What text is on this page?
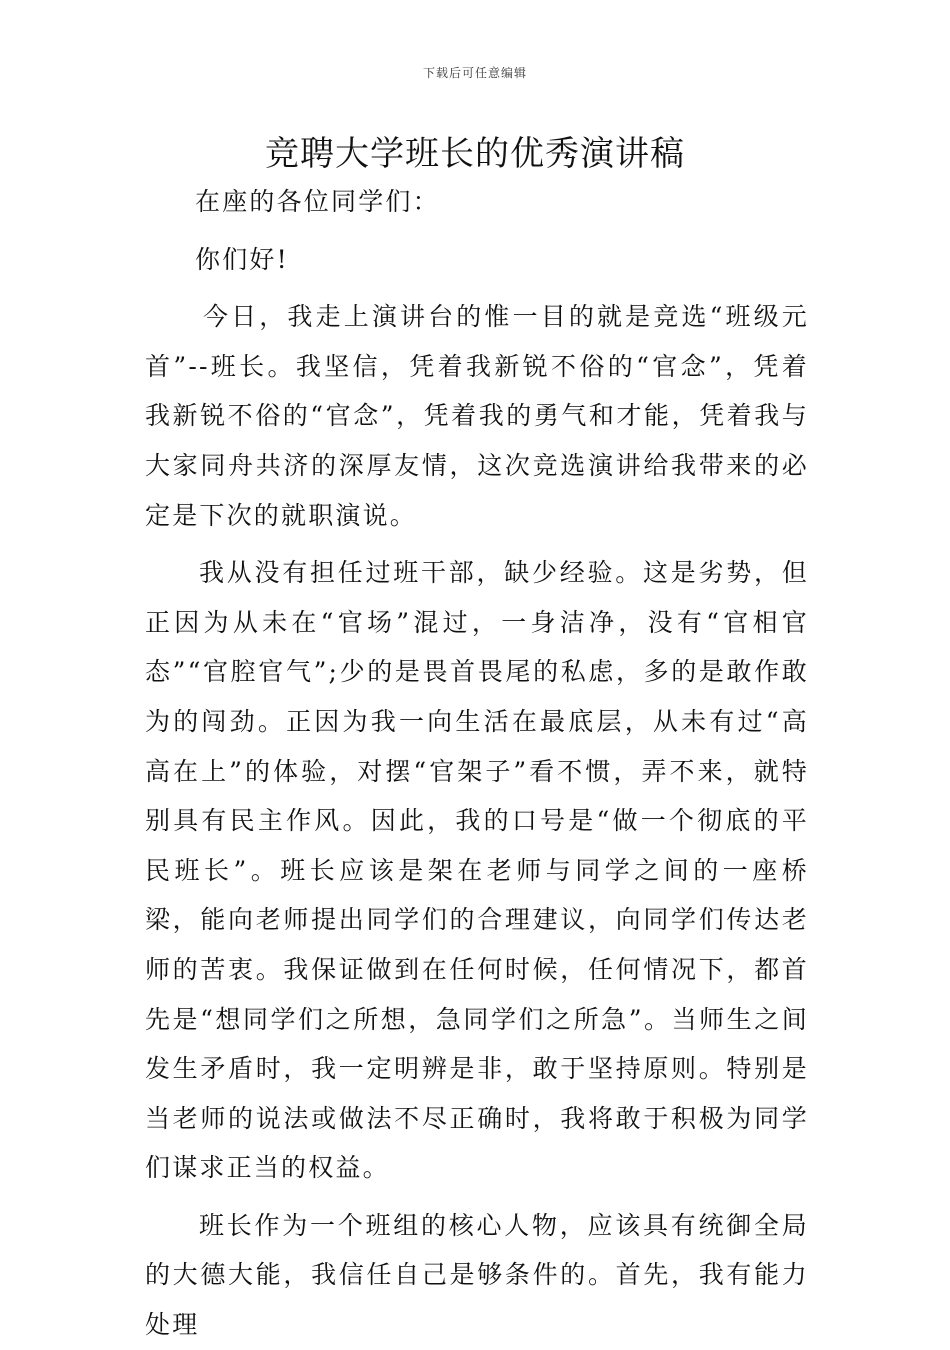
下载后可任意编辑
竞聘大学班长的优秀演讲稿

在座的各位同学们：

你们好!

今日，我走上演讲台的惟一目的就是竞选“班级元首”--班长。我坚信，凭着我新锐不俗的“官念”，凭着我新锐不俗的“官念”，凭着我的勇气和才能，凭着我与大家同舟共济的深厚友情，这次竞选演讲给我带来的必定是下次的就职演说。

我从没有担任过班干部，缺少经验。这是劣势，但正因为从未在“官场”混过，一身洁净，没有“官相官态”“官腔官气”;少的是畏首畏尾的私虑，多的是敢作敢为的闯劲。正因为我一向生活在最底层，从未有过“高高在上”的体验，对摆“官架子”看不惯，弄不来，就特别具有民主作风。因此，我的口号是“做一个彻底的平民班长”。班长应该是架在老师与同学之间的一座桥梁，能向老师提出同学们的合理建议，向同学们传达老师的苦衷。我保证做到在任何时候，任何情况下，都首先是“想同学们之所想，急同学们之所急”。当师生之间发生矛盾时，我一定明辨是非，敢于坚持原则。特别是当老师的说法或做法不尽正确时，我将敢于积极为同学们谋求正当的权益。

班长作为一个班组的核心人物，应该具有统御全局的大德大能，我信任自己是够条件的。首先，我有能力处理
